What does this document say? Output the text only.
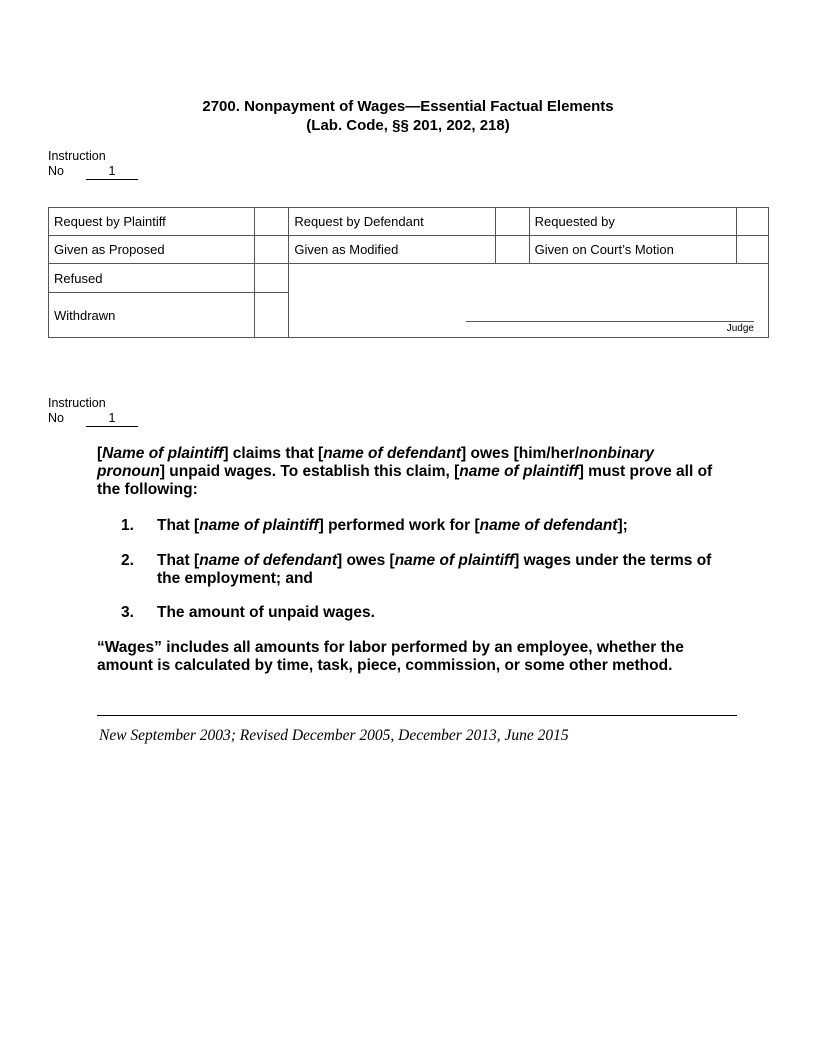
2700. Nonpayment of Wages—Essential Factual Elements
(Lab. Code, §§ 201, 202, 218)
Instruction
No	1
Request by Plaintiff		Request by Defendant		Requested by	
Given as Proposed		Given as Modified		Given on Court’s Motion	
Refused					
Withdrawn					
Judge
Instruction
No	1
[Name of plaintiff] claims that [name of defendant] owes [him/her/nonbinary pronoun] unpaid wages. To establish this claim, [name of plaintiff] must prove all of the following:
1. That [name of plaintiff] performed work for [name of defendant];
2. That [name of defendant] owes [name of plaintiff] wages under the terms of the employment; and
3. The amount of unpaid wages.
“Wages” includes all amounts for labor performed by an employee, whether the amount is calculated by time, task, piece, commission, or some other method.
New September 2003; Revised December 2005, December 2013, June 2015
